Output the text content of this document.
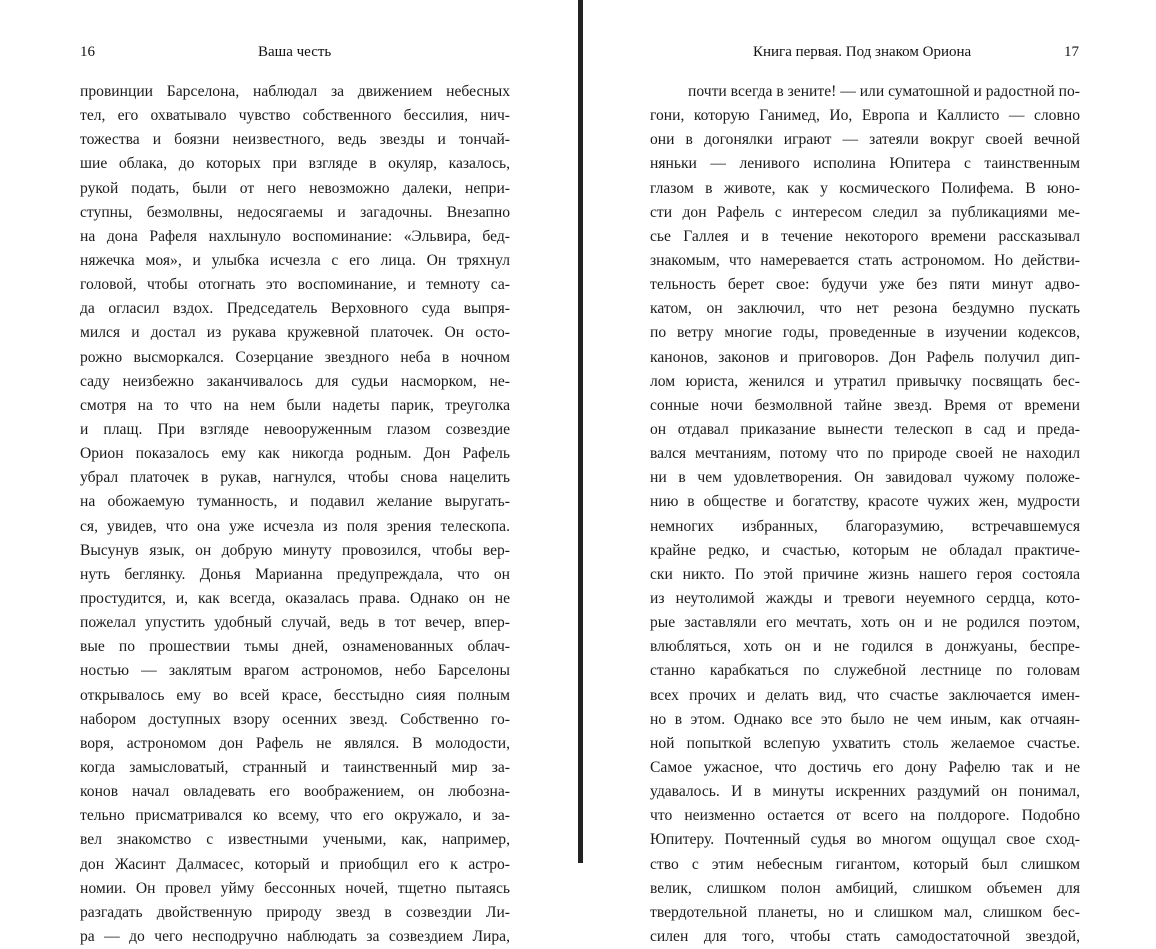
16	Ваша честь
провинции Барселона, наблюдал за движением небесных
тел, его охватывало чувство собственного бессилия, нич-
тожества и боязни неизвестного, ведь звезды и тончай-
шие облака, до которых при взгляде в окуляр, казалось,
рукой подать, были от него невозможно далеки, непри-
ступны, безмолвны, недосягаемы и загадочны. Внезапно
на дона Рафеля нахлынуло воспоминание: «Эльвира, бед-
няжечка моя», и улыбка исчезла с его лица. Он тряхнул
головой, чтобы отогнать это воспоминание, и темноту са-
да огласил вздох. Председатель Верховного суда выпря-
мился и достал из рукава кружевной платочек. Он осто-
рожно высморкался. Созерцание звездного неба в ночном
саду неизбежно заканчивалось для судьи насморком, не-
смотря на то что на нем были надеты парик, треуголка
и плащ. При взгляде невооруженным глазом созвездие
Орион показалось ему как никогда родным. Дон Рафель
убрал платочек в рукав, нагнулся, чтобы снова нацелить
на обожаемую туманность, и подавил желание выругать-
ся, увидев, что она уже исчезла из поля зрения телескопа.
Высунув язык, он добрую минуту провозился, чтобы вер-
нуть беглянку. Донья Марианна предупреждала, что он
простудится, и, как всегда, оказалась права. Однако он не
пожелал упустить удобный случай, ведь в тот вечер, впер-
вые по прошествии тьмы дней, ознаменованных облач-
ностью — заклятым врагом астрономов, небо Барселоны
открывалось ему во всей красе, бесстыдно сияя полным
набором доступных взору осенних звезд. Собственно го-
воря, астрономом дон Рафель не являлся. В молодости,
когда замысловатый, странный и таинственный мир за-
конов начал овладевать его воображением, он любозна-
тельно присматривался ко всему, что его окружало, и за-
вел знакомство с известными учеными, как, например,
дон Жасинт Далмасес, который и приобщил его к астро-
номии. Он провел уйму бессонных ночей, тщетно пытаясь
разгадать двойственную природу звезд в созвездии Ли-
ра — до чего несподручно наблюдать за созвездием Лира,
Книга первая. Под знаком Ориона	17
почти всегда в зените! — или суматошной и радостной по-
гони, которую Ганимед, Ио, Европа и Каллисто — словно
они в догонялки играют — затеяли вокруг своей вечной
няньки — ленивого исполина Юпитера с таинственным
глазом в животе, как у космического Полифема. В юно-
сти дон Рафель с интересом следил за публикациями ме-
сье Галлея и в течение некоторого времени рассказывал
знакомым, что намеревается стать астрономом. Но действи-
тельность берет свое: будучи уже без пяти минут адво-
катом, он заключил, что нет резона бездумно пускать
по ветру многие годы, проведенные в изучении кодексов,
канонов, законов и приговоров. Дон Рафель получил дип-
лом юриста, женился и утратил привычку посвящать бес-
сонные ночи безмолвной тайне звезд. Время от времени
он отдавал приказание вынести телескоп в сад и преда-
вался мечтаниям, потому что по природе своей не находил
ни в чем удовлетворения. Он завидовал чужому положе-
нию в обществе и богатству, красоте чужих жен, мудрости
немногих избранных, благоразумию, встречавшемуся
крайне редко, и счастью, которым не обладал практиче-
ски никто. По этой причине жизнь нашего героя состояла
из неутолимой жажды и тревоги неуемного сердца, кото-
рые заставляли его мечтать, хоть он и не родился поэтом,
влюбляться, хоть он и не годился в донжуаны, беспре-
станно карабкаться по служебной лестнице по головам
всех прочих и делать вид, что счастье заключается имен-
но в этом. Однако все это было не чем иным, как отчаян-
ной попыткой вслепую ухватить столь желаемое счастье.
Самое ужасное, что достичь его дону Рафелю так и не
удавалось. И в минуты искренних раздумий он понимал,
что неизменно остается от всего на полдороге. Подобно
Юпитеру. Почтенный судья во многом ощущал свое сход-
ство с этим небесным гигантом, который был слишком
велик, слишком полон амбиций, слишком объемен для
твердотельной планеты, но и слишком мал, слишком бес-
силен для того, чтобы стать самодостаточной звездой,
